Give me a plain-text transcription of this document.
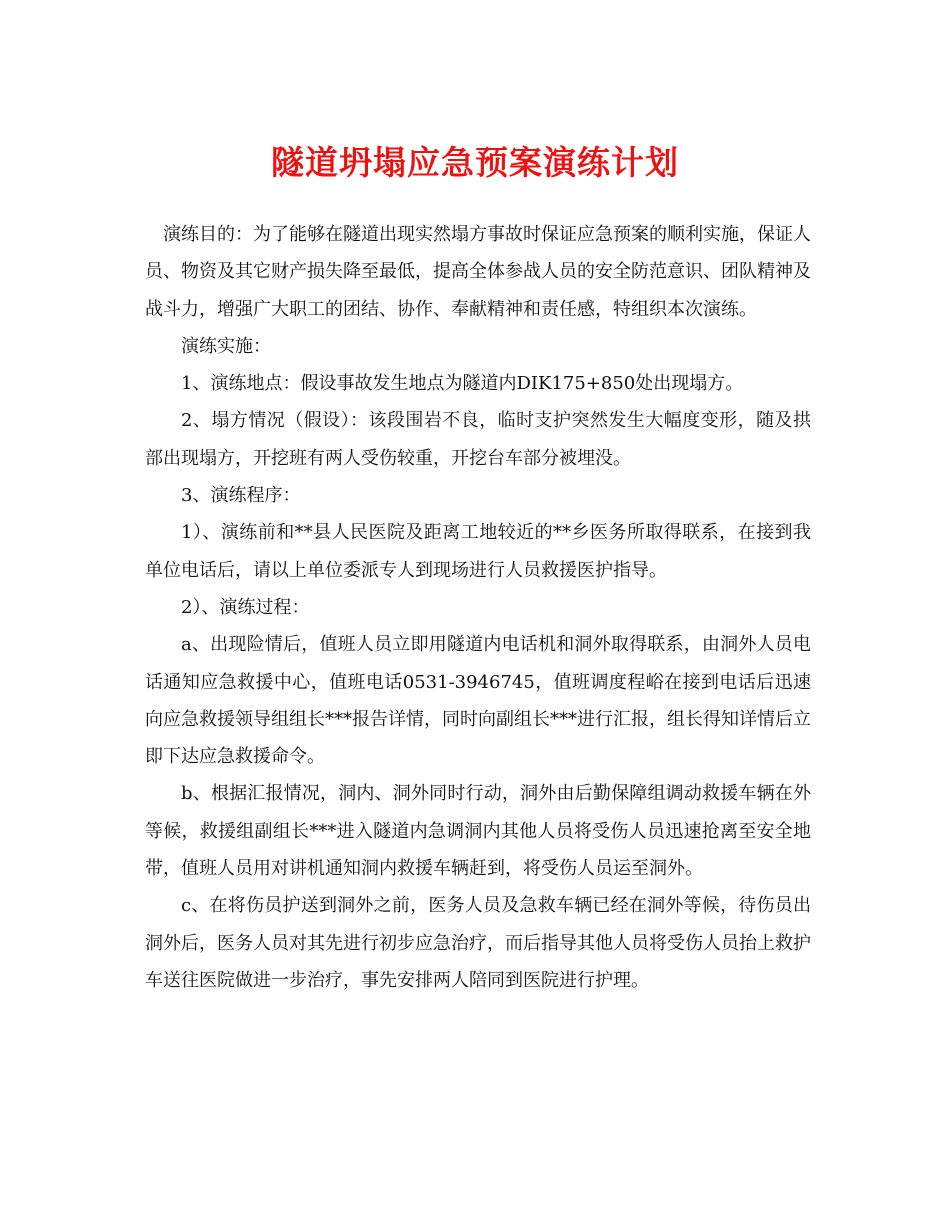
隧道坍塌应急预案演练计划

演练目的：为了能够在隧道出现实然塌方事故时保证应急预案的顺利实施，保证人员、物资及其它财产损失降至最低，提高全体参战人员的安全防范意识、团队精神及战斗力，增强广大职工的团结、协作、奉献精神和责任感，特组织本次演练。

演练实施：

1、演练地点：假设事故发生地点为隧道内DIK175+850处出现塌方。

2、塌方情况（假设）：该段围岩不良，临时支护突然发生大幅度变形，随及拱部出现塌方，开挖班有两人受伤较重，开挖台车部分被埋没。

3、演练程序：

1）、演练前和**县人民医院及距离工地较近的**乡医务所取得联系，在接到我单位电话后，请以上单位委派专人到现场进行人员救援医护指导。

2）、演练过程：

a、出现险情后，值班人员立即用隧道内电话机和洞外取得联系，由洞外人员电话通知应急救援中心，值班电话0531-3946745，值班调度程峪在接到电话后迅速向应急救援领导组组长***报告详情，同时向副组长***进行汇报，组长得知详情后立即下达应急救援命令。

b、根据汇报情况，洞内、洞外同时行动，洞外由后勤保障组调动救援车辆在外等候，救援组副组长***进入隧道内急调洞内其他人员将受伤人员迅速抢离至安全地带，值班人员用对讲机通知洞内救援车辆赶到，将受伤人员运至洞外。

c、在将伤员护送到洞外之前，医务人员及急救车辆已经在洞外等候，待伤员出洞外后，医务人员对其先进行初步应急治疗，而后指导其他人员将受伤人员抬上救护车送往医院做进一步治疗，事先安排两人陪同到医院进行护理。
